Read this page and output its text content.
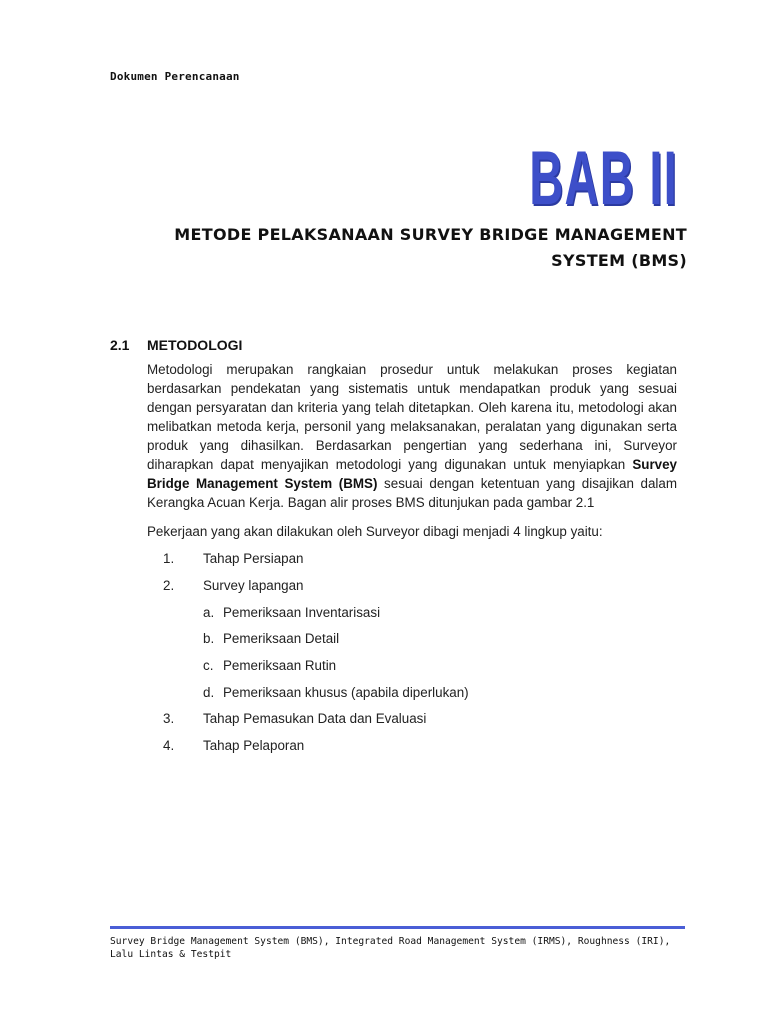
Dokumen Perencanaan
BAB II
METODE PELAKSANAAN SURVEY BRIDGE MANAGEMENT
SYSTEM (BMS)
2.1	METODOLOGI
Metodologi merupakan rangkaian prosedur untuk melakukan proses kegiatan berdasarkan pendekatan yang sistematis untuk mendapatkan produk yang sesuai dengan persyaratan dan kriteria yang telah ditetapkan. Oleh karena itu, metodologi akan melibatkan metoda kerja, personil yang melaksanakan, peralatan yang digunakan serta produk yang dihasilkan. Berdasarkan pengertian yang sederhana ini, Surveyor diharapkan dapat menyajikan metodologi yang digunakan untuk menyiapkan Survey Bridge Management System (BMS) sesuai dengan ketentuan yang disajikan dalam Kerangka Acuan Kerja. Bagan alir proses BMS ditunjukan pada gambar 2.1
Pekerjaan yang akan dilakukan oleh Surveyor dibagi menjadi 4 lingkup yaitu:
1.	Tahap Persiapan
2.	Survey lapangan
a. Pemeriksaan Inventarisasi
b. Pemeriksaan Detail
c. Pemeriksaan Rutin
d. Pemeriksaan khusus (apabila diperlukan)
3.	Tahap Pemasukan Data dan Evaluasi
4.	Tahap Pelaporan
Survey Bridge Management System (BMS), Integrated Road Management System (IRMS), Roughness (IRI),
Lalu Lintas & Testpit
